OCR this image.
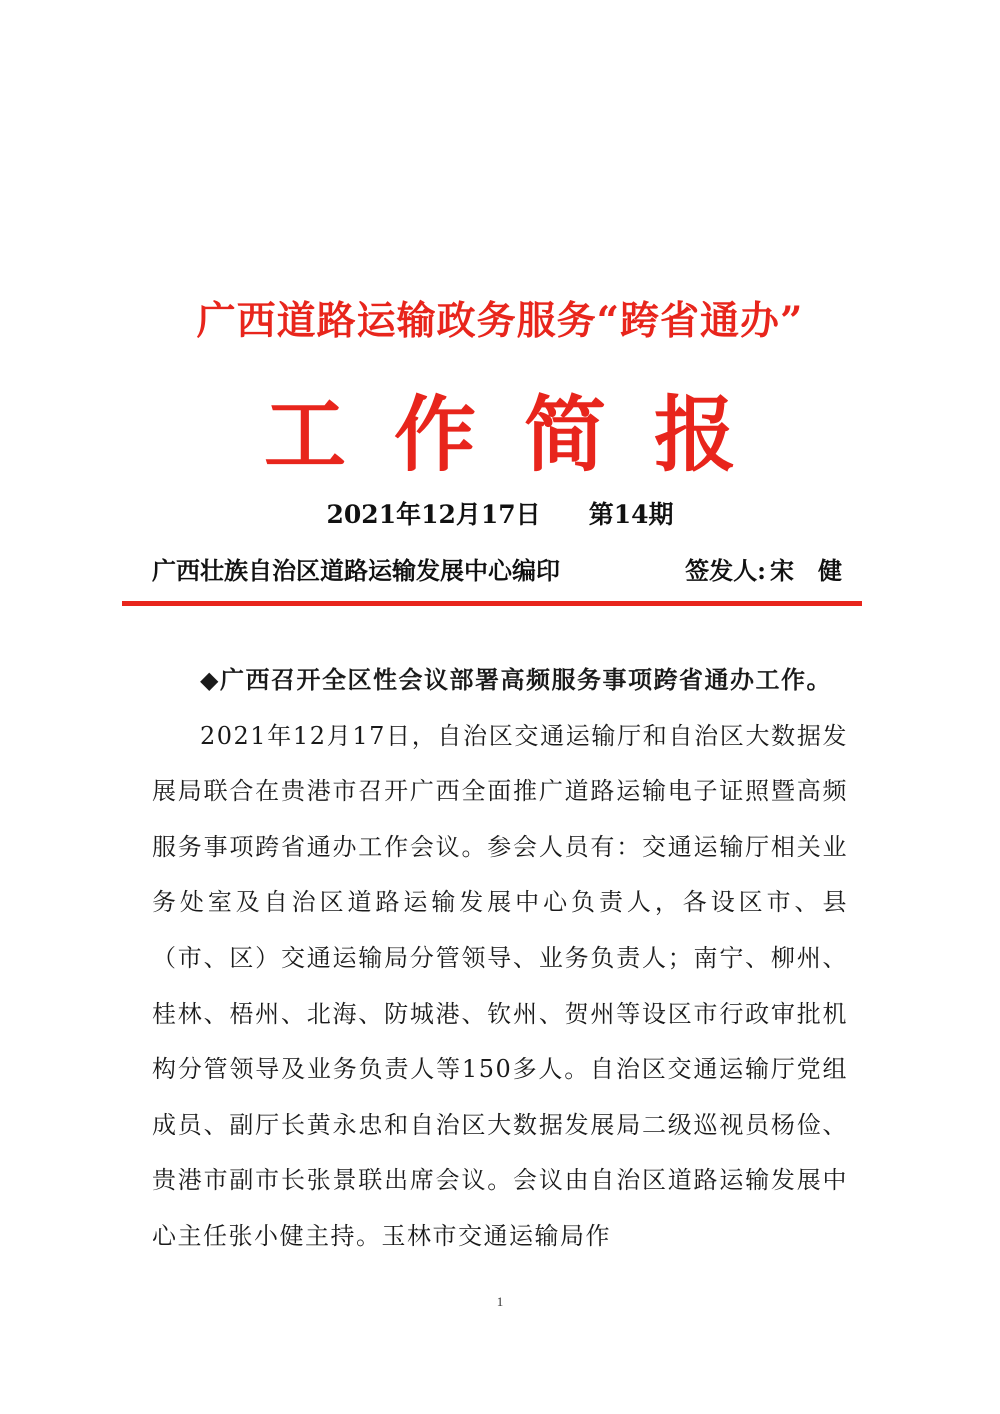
广西道路运输政务服务“跨省通办”
工作简报
2021年12月17日 第14期
广西壮族自治区道路运输发展中心编印	签发人: 宋　健

◆广西召开全区性会议部署高频服务事项跨省通办工作。

2021年12月17日，自治区交通运输厅和自治区大数据发展局联合在贵港市召开广西全面推广道路运输电子证照暨高频服务事项跨省通办工作会议。参会人员有：交通运输厅相关业务处室及自治区道路运输发展中心负责人，各设区市、县（市、区）交通运输局分管领导、业务负责人；南宁、柳州、桂林、梧州、北海、防城港、钦州、贺州等设区市行政审批机构分管领导及业务负责人等150多人。自治区交通运输厅党组成员、副厅长黄永忠和自治区大数据发展局二级巡视员杨俭、贵港市副市长张景联出席会议。会议由自治区道路运输发展中心主任张小健主持。玉林市交通运输局作

1
